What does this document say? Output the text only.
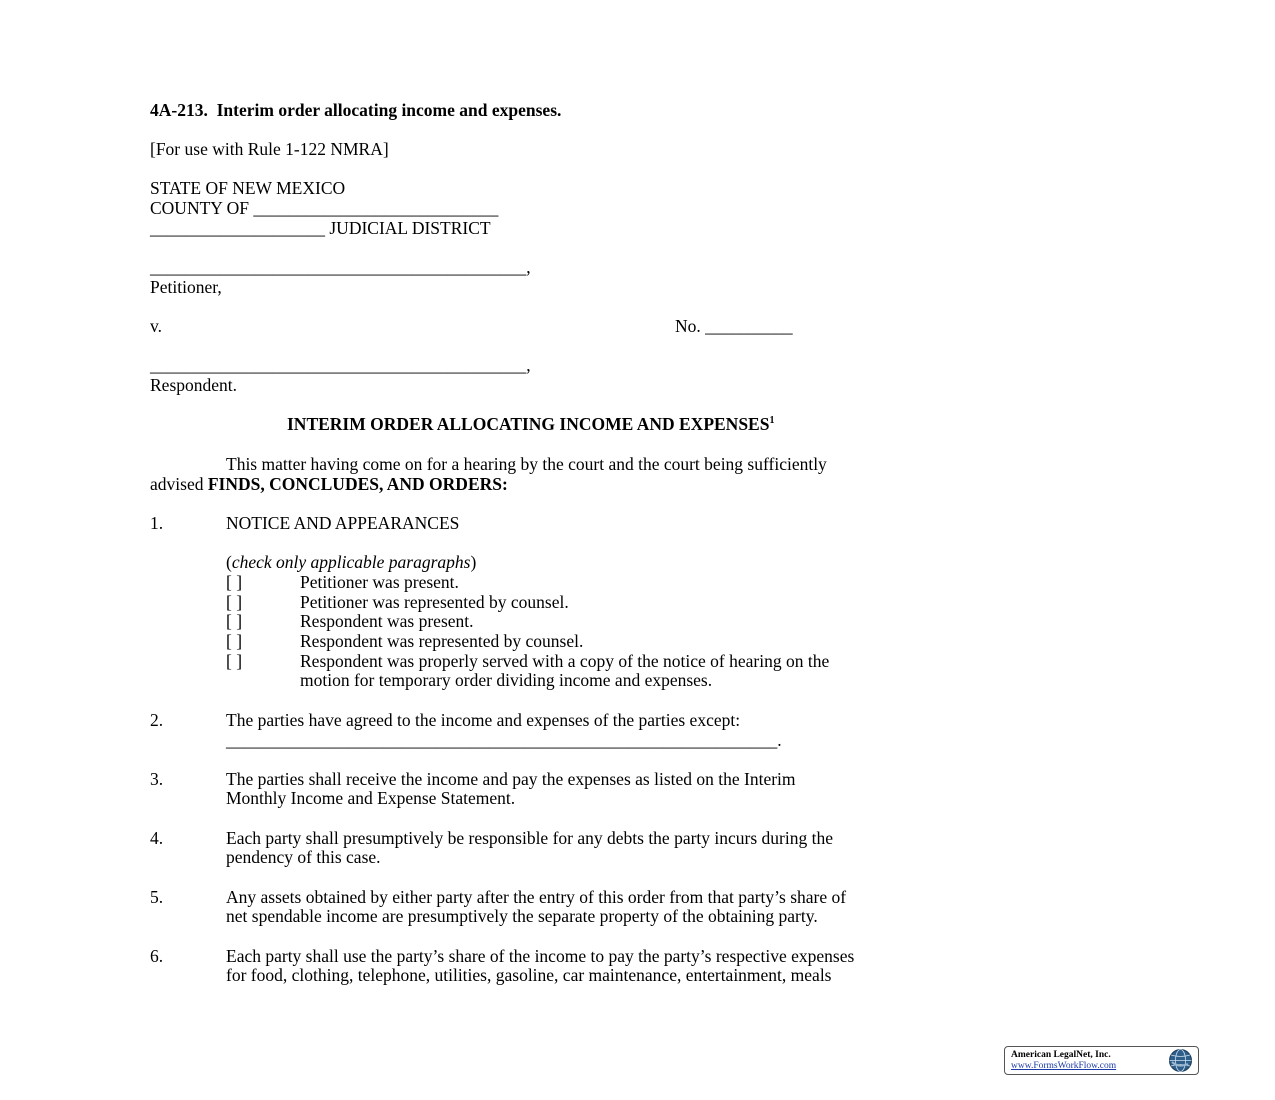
4A-213. Interim order allocating income and expenses.
[For use with Rule 1-122 NMRA]
STATE OF NEW MEXICO
COUNTY OF ____________________________
____________________ JUDICIAL DISTRICT
___________________________________________,
Petitioner,
v.	No. __________
___________________________________________,
Respondent.
INTERIM ORDER ALLOCATING INCOME AND EXPENSES$^1$
This matter having come on for a hearing by the court and the court being sufficiently
advised FINDS, CONCLUDES, AND ORDERS:
1.	NOTICE AND APPEARANCES
(check only applicable paragraphs)
[ ]	Petitioner was present.
[ ]	Petitioner was represented by counsel.
[ ]	Respondent was present.
[ ]	Respondent was represented by counsel.
[ ]	Respondent was properly served with a copy of the notice of hearing on the
motion for temporary order dividing income and expenses.
2.	The parties have agreed to the income and expenses of the parties except:
_______________________________________________________________.
3.	The parties shall receive the income and pay the expenses as listed on the Interim
Monthly Income and Expense Statement.
4.	Each party shall presumptively be responsible for any debts the party incurs during the
pendency of this case.
5.	Any assets obtained by either party after the entry of this order from that party’s share of
net spendable income are presumptively the separate property of the obtaining party.
6.	Each party shall use the party’s share of the income to pay the party’s respective expenses
for food, clothing, telephone, utilities, gasoline, car maintenance, entertainment, meals
American LegalNet, Inc.
www.FormsWorkFlow.com
